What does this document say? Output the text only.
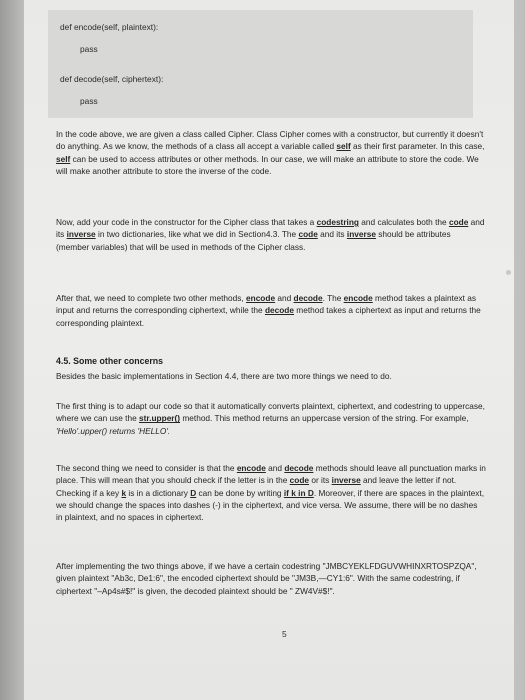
def encode(self, plaintext):
pass
def decode(self, ciphertext):
pass

In the code above, we are given a class called Cipher. Class Cipher comes with a constructor, but currently it doesn't do anything. As we know, the methods of a class all accept a variable called self as their first parameter. In this case, self can be used to access attributes or other methods. In our case, we will make an attribute to store the code. We will make another attribute to store the inverse of the code.

Now, add your code in the constructor for the Cipher class that takes a codestring and calculates both the code and its inverse in two dictionaries, like what we did in Section4.3. The code and its inverse should be attributes (member variables) that will be used in methods of the Cipher class.

After that, we need to complete two other methods, encode and decode. The encode method takes a plaintext as input and returns the corresponding ciphertext, while the decode method takes a ciphertext as input and returns the corresponding plaintext.

4.5. Some other concerns

Besides the basic implementations in Section 4.4, there are two more things we need to do.

The first thing is to adapt our code so that it automatically converts plaintext, ciphertext, and codestring to uppercase, where we can use the str.upper() method. This method returns an uppercase version of the string. For example, 'Hello'.upper() returns 'HELLO'.

The second thing we need to consider is that the encode and decode methods should leave all punctuation marks in place. This will mean that you should check if the letter is in the code or its inverse and leave the letter if not. Checking if a key k is in a dictionary D can be done by writing if k in D. Moreover, if there are spaces in the plaintext, we should change the spaces into dashes (-) in the ciphertext, and vice versa. We assume, there will be no dashes in plaintext, and no spaces in ciphertext.

After implementing the two things above, if we have a certain codestring "JMBCYEKLFDGUVWHINXRTOSPZQA", given plaintext "Ab3c, De1:6", the encoded ciphertext should be "JM3B,—CY1:6". With the same codestring, if ciphertext "–Ap4s#$!" is given, the decoded plaintext should be " ZW4V#$!".

5
